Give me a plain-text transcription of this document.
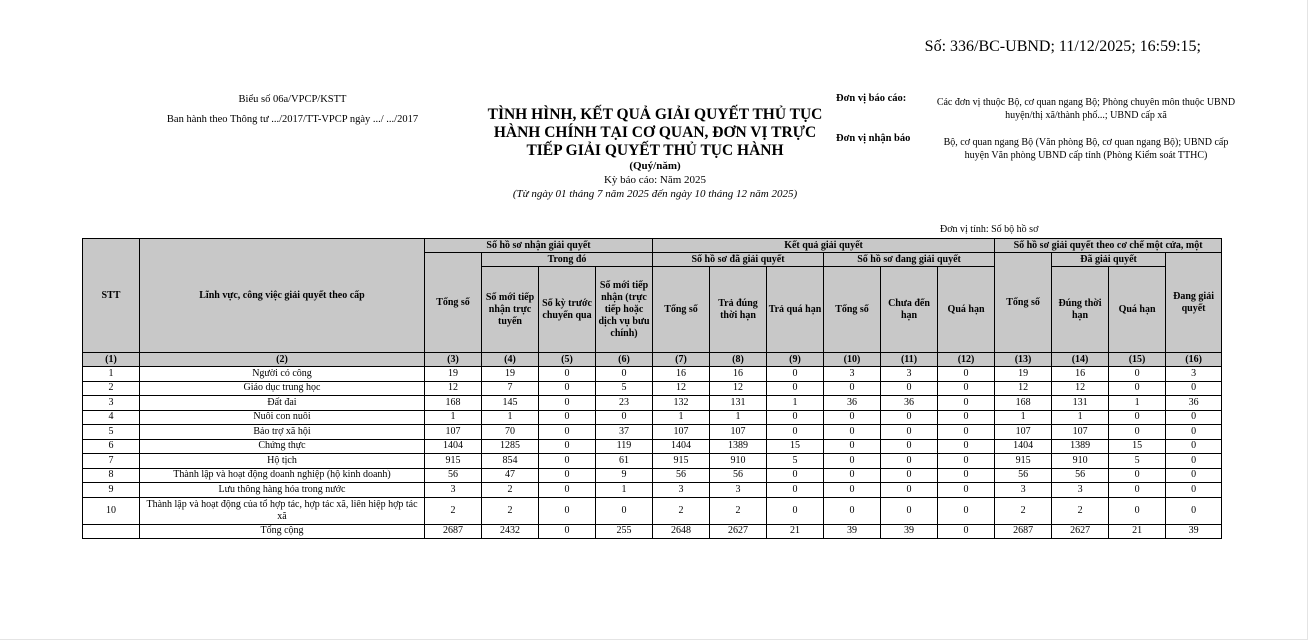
Số: 336/BC-UBND; 11/12/2025; 16:59:15;
Biểu số 06a/VPCP/KSTT
Ban hành theo Thông tư .../2017/TT-VPCP ngày .../ .../2017	TÌNH HÌNH, KẾT QUẢ GIẢI QUYẾT THỦ TỤC HÀNH CHÍNH TẠI CƠ QUAN, ĐƠN VỊ TRỰC TIẾP GIẢI QUYẾT THỦ TỤC HÀNH
(Quý/năm)
Kỳ báo cáo: Năm 2025
(Từ ngày 01 tháng 7 năm 2025 đến ngày 10 tháng 12 năm 2025)
Đơn vị báo cáo:	Các đơn vị thuộc Bộ, cơ quan ngang Bộ; Phòng chuyên môn thuộc UBND huyện/thị xã/thành phố...; UBND cấp xã
Đơn vị nhận báo	Bộ, cơ quan ngang Bộ (Văn phòng Bộ, cơ quan ngang Bộ); UBND cấp huyện Văn phòng UBND cấp tỉnh (Phòng Kiểm soát TTHC)
Đơn vị tính: Số bộ hồ sơ
STT	Lĩnh vực, công việc giải quyết theo cấp	Số hồ sơ nhận giải quyết				Kết quả giải quyết						Số hồ sơ giải quyết theo cơ chế một cửa, một			
		Tổng số	Trong đó			Số hồ sơ đã giải quyết			Số hồ sơ đang giải quyết			Tổng số	Đã giải quyết		Đang giải quyết
			Số mới tiếp nhận trực tuyến	Số kỳ trước chuyển qua	Số mới tiếp nhận (trực tiếp hoặc dịch vụ bưu chính)	Tổng số	Trả đúng thời hạn	Trả quá hạn	Tổng số	Chưa đến hạn	Quá hạn		Đúng thời hạn	Quá hạn	
(1)	(2)	(3)	(4)	(5)	(6)	(7)	(8)	(9)	(10)	(11)	(12)	(13)	(14)	(15)	(16)
1	Người có công	19	19	0	0	16	16	0	3	3	0	19	16	0	3
2	Giáo dục trung học	12	7	0	5	12	12	0	0	0	0	12	12	0	0
3	Đất đai	168	145	0	23	132	131	1	36	36	0	168	131	1	36
4	Nuôi con nuôi	1	1	0	0	1	1	0	0	0	0	1	1	0	0
5	Bảo trợ xã hội	107	70	0	37	107	107	0	0	0	0	107	107	0	0
6	Chứng thực	1404	1285	0	119	1404	1389	15	0	0	0	1404	1389	15	0
7	Hộ tịch	915	854	0	61	915	910	5	0	0	0	915	910	5	0
8	Thành lập và hoạt động doanh nghiệp (hộ kinh doanh)	56	47	0	9	56	56	0	0	0	0	56	56	0	0
9	Lưu thông hàng hóa trong nước	3	2	0	1	3	3	0	0	0	0	3	3	0	0
10	Thành lập và hoạt động của tổ hợp tác, hợp tác xã, liên hiệp hợp tác xã	2	2	0	0	2	2	0	0	0	0	2	2	0	0
	Tổng cộng	2687	2432	0	255	2648	2627	21	39	39	0	2687	2627	21	39
